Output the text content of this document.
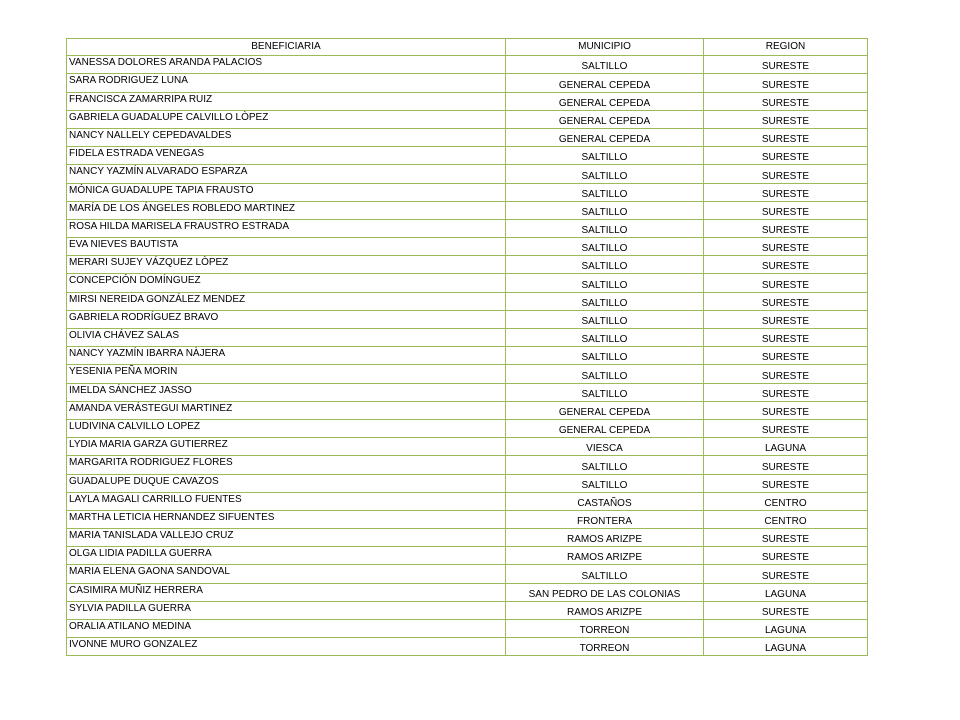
BENEFICIARIA	MUNICIPIO	REGION
VANESSA DOLORES ARANDA PALACIOS	SALTILLO	SURESTE
SARA RODRIGUEZ LUNA	GENERAL CEPEDA	SURESTE
FRANCISCA ZAMARRIPA RUIZ	GENERAL CEPEDA	SURESTE
GABRIELA GUADALUPE CALVILLO LÒPEZ	GENERAL CEPEDA	SURESTE
NANCY NALLELY CEPEDAVALDES	GENERAL CEPEDA	SURESTE
FIDELA ESTRADA VENEGAS	SALTILLO	SURESTE
NANCY YAZMÍN ALVARADO ESPARZA	SALTILLO	SURESTE
MÓNICA GUADALUPE TAPIA FRAUSTO	SALTILLO	SURESTE
MARÍA DE LOS ÁNGELES ROBLEDO MARTINEZ	SALTILLO	SURESTE
ROSA HILDA MARISELA FRAUSTRO ESTRADA	SALTILLO	SURESTE
EVA NIEVES BAUTISTA	SALTILLO	SURESTE
MERARI SUJEY VÁZQUEZ LÒPEZ	SALTILLO	SURESTE
CONCEPCIÓN DOMÍNGUEZ	SALTILLO	SURESTE
MIRSI NEREIDA GONZÁLEZ MENDEZ	SALTILLO	SURESTE
GABRIELA RODRÍGUEZ BRAVO	SALTILLO	SURESTE
OLIVIA CHÁVEZ SALAS	SALTILLO	SURESTE
NANCY YAZMÍN IBARRA NÀJERA	SALTILLO	SURESTE
YESENIA PEÑA MORIN	SALTILLO	SURESTE
IMELDA SÁNCHEZ JASSO	SALTILLO	SURESTE
AMANDA VERÁSTEGUI MARTINEZ	GENERAL CEPEDA	SURESTE
LUDIVINA CALVILLO LOPEZ	GENERAL CEPEDA	SURESTE
LYDIA MARIA GARZA GUTIERREZ	VIESCA	LAGUNA
MARGARITA RODRIGUEZ FLORES	SALTILLO	SURESTE
GUADALUPE DUQUE CAVAZOS	SALTILLO	SURESTE
LAYLA MAGALI CARRILLO FUENTES	CASTAÑOS	CENTRO
MARTHA LETICIA HERNANDEZ SIFUENTES	FRONTERA	CENTRO
MARIA TANISLADA VALLEJO CRUZ	RAMOS ARIZPE	SURESTE
OLGA LIDIA PADILLA GUERRA	RAMOS ARIZPE	SURESTE
MARIA ELENA GAONA SANDOVAL	SALTILLO	SURESTE
CASIMIRA MUÑIZ HERRERA	SAN PEDRO DE LAS COLONIAS	LAGUNA
SYLVIA PADILLA GUERRA	RAMOS ARIZPE	SURESTE
ORALIA ATILANO MEDINA	TORREON	LAGUNA
IVONNE MURO GONZALEZ	TORREON	LAGUNA
